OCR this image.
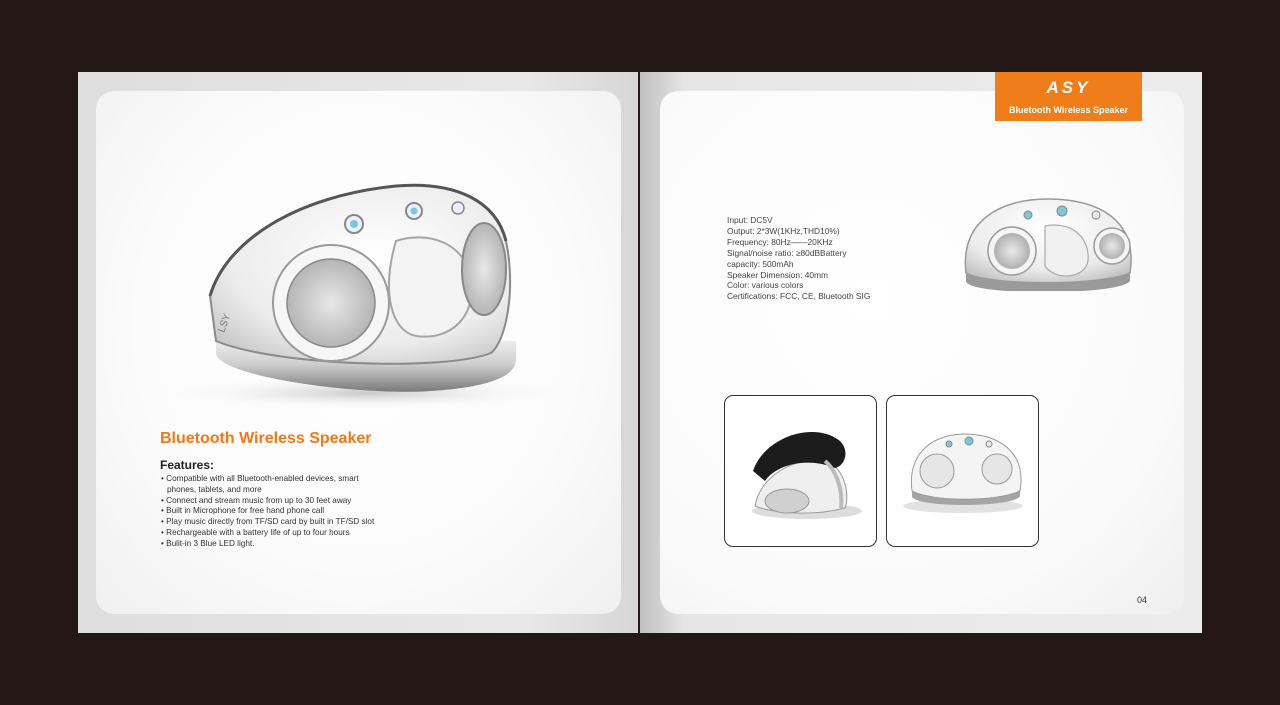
LSY
Bluetooth Wireless Speaker
Features:
• Compatible with all Bluetooth-enabled devices, smart phones, tablets, and more
• Connect and stream music from up to 30 feet away
• Built in Microphone for free hand phone call
• Play music directly from TF/SD card by built in TF/SD slot
• Rechargeable with a battery life of up to four hours
• Bulit-in 3 Blue LED light.
Input: DC5V
Output: 2*3W(1KHz,THD10%)
Frequency: 80Hz——20KHz
Signal/noise ratio: ≥80dBBattery
capacity: 500mAh
Speaker Dimension: 40mm
Color: various colors
Certifications: FCC, CE, Bluetooth SIG
04
ASY
Bluetooth Wireless Speaker
